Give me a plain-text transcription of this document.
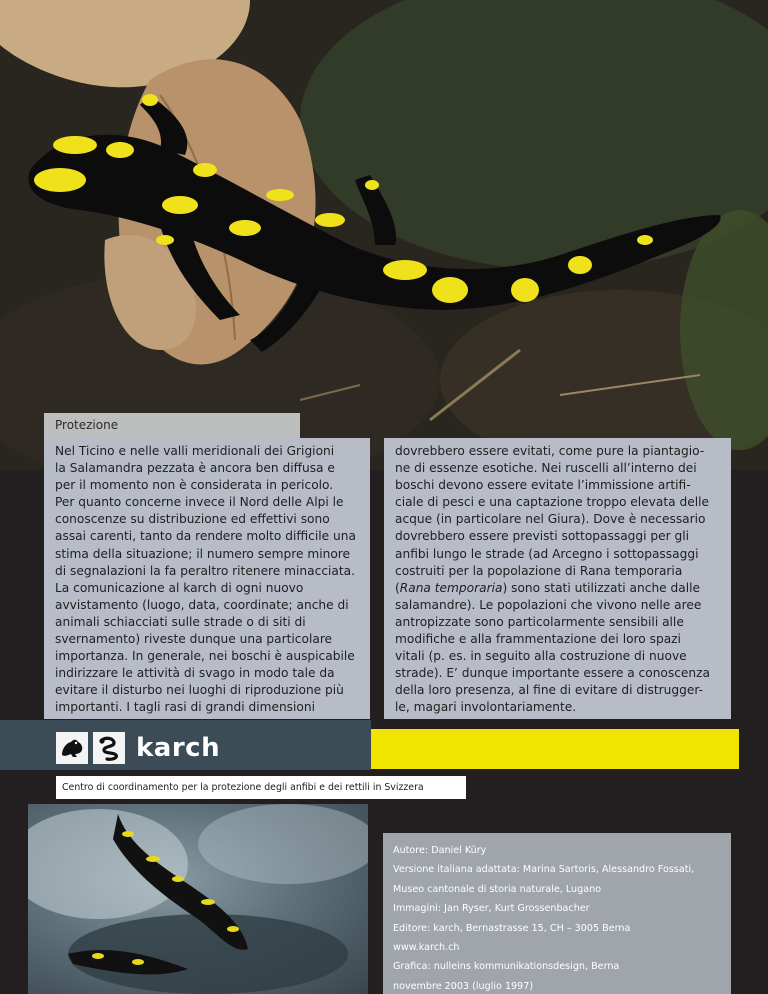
Protezione

Nel Ticino e nelle valli meridionali dei Grigioni

la Salamandra pezzata è ancora ben diffusa e

per il momento non è considerata in pericolo.

Per quanto concerne invece il Nord delle Alpi le

conoscenze su distribuzione ed effettivi sono

assai carenti, tanto da rendere molto difficile una

stima della situazione; il numero sempre minore

di segnalazioni la fa peraltro ritenere minacciata.

La comunicazione al karch di ogni nuovo

avvistamento (luogo, data, coordinate; anche di

animali schiacciati sulle strade o di siti di

svernamento) riveste dunque una particolare

importanza. In generale, nei boschi è auspicabile

indirizzare le attività di svago in modo tale da

evitare il disturbo nei luoghi di riproduzione più

importanti. I tagli rasi di grandi dimensioni

dovrebbero essere evitati, come pure la piantagio-

ne di essenze esotiche. Nei ruscelli all’interno dei

boschi devono essere evitate l’immissione artifi-

ciale di pesci e una captazione troppo elevata delle

acque (in particolare nel Giura). Dove è necessario

dovrebbero essere previsti sottopassaggi per gli

anfibi lungo le strade (ad Arcegno i sottopassaggi

costruiti per la popolazione di Rana temporaria

(Rana temporaria) sono stati utilizzati anche dalle

salamandre). Le popolazioni che vivono nelle aree

antropizzate sono particolarmente sensibili alle

modifiche e alla frammentazione dei loro spazi

vitali (p. es. in seguito alla costruzione di nuove

strade). E’ dunque importante essere a conoscenza

della loro presenza, al fine di evitare di distrugger-

le, magari involontariamente.

karch
Centro di coordinamento per la protezione degli anfibi e dei rettili in Svizzera
Autore: Daniel Küry
Versione italiana adattata: Marina Sartoris, Alessandro Fossati,
Museo cantonale di storia naturale, Lugano
Immagini: Jan Ryser, Kurt Grossenbacher
Editore: karch, Bernastrasse 15, CH – 3005 Berna
www.karch.ch
Grafica: nulleins kommunikationsdesign, Berna
novembre 2003 (luglio 1997)
